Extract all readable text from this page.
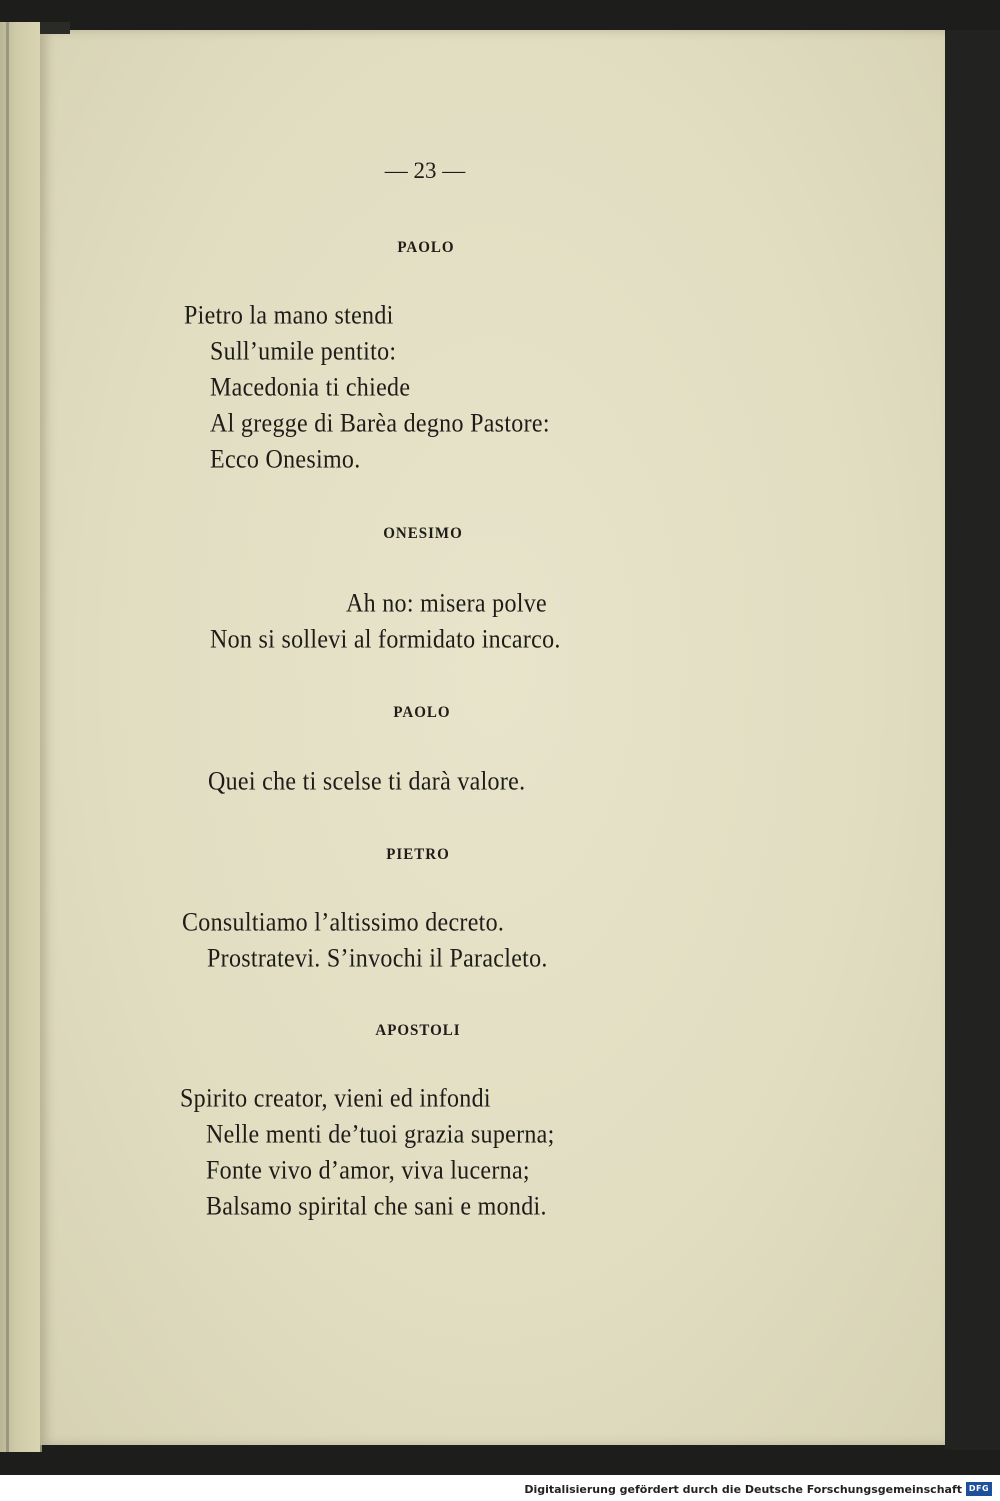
— 23 —
PAOLO
Pietro la mano stendi
Sull’umile pentito:
Macedonia ti chiede
Al gregge di Barèa degno Pastore:
Ecco Onesimo.
ONESIMO
Ah no: misera polve
Non si sollevi al formidato incarco.
PAOLO
Quei che ti scelse ti darà valore.
PIETRO
Consultiamo l’altissimo decreto.
Prostratevi. S’invochi il Paracleto.
APOSTOLI
Spirito creator, vieni ed infondi
Nelle menti de’tuoi grazia superna;
Fonte vivo d’amor, viva lucerna;
Balsamo spirital che sani e mondi.
Digitalisierung gefördert durch die Deutsche Forschungsgemeinschaft DFG
